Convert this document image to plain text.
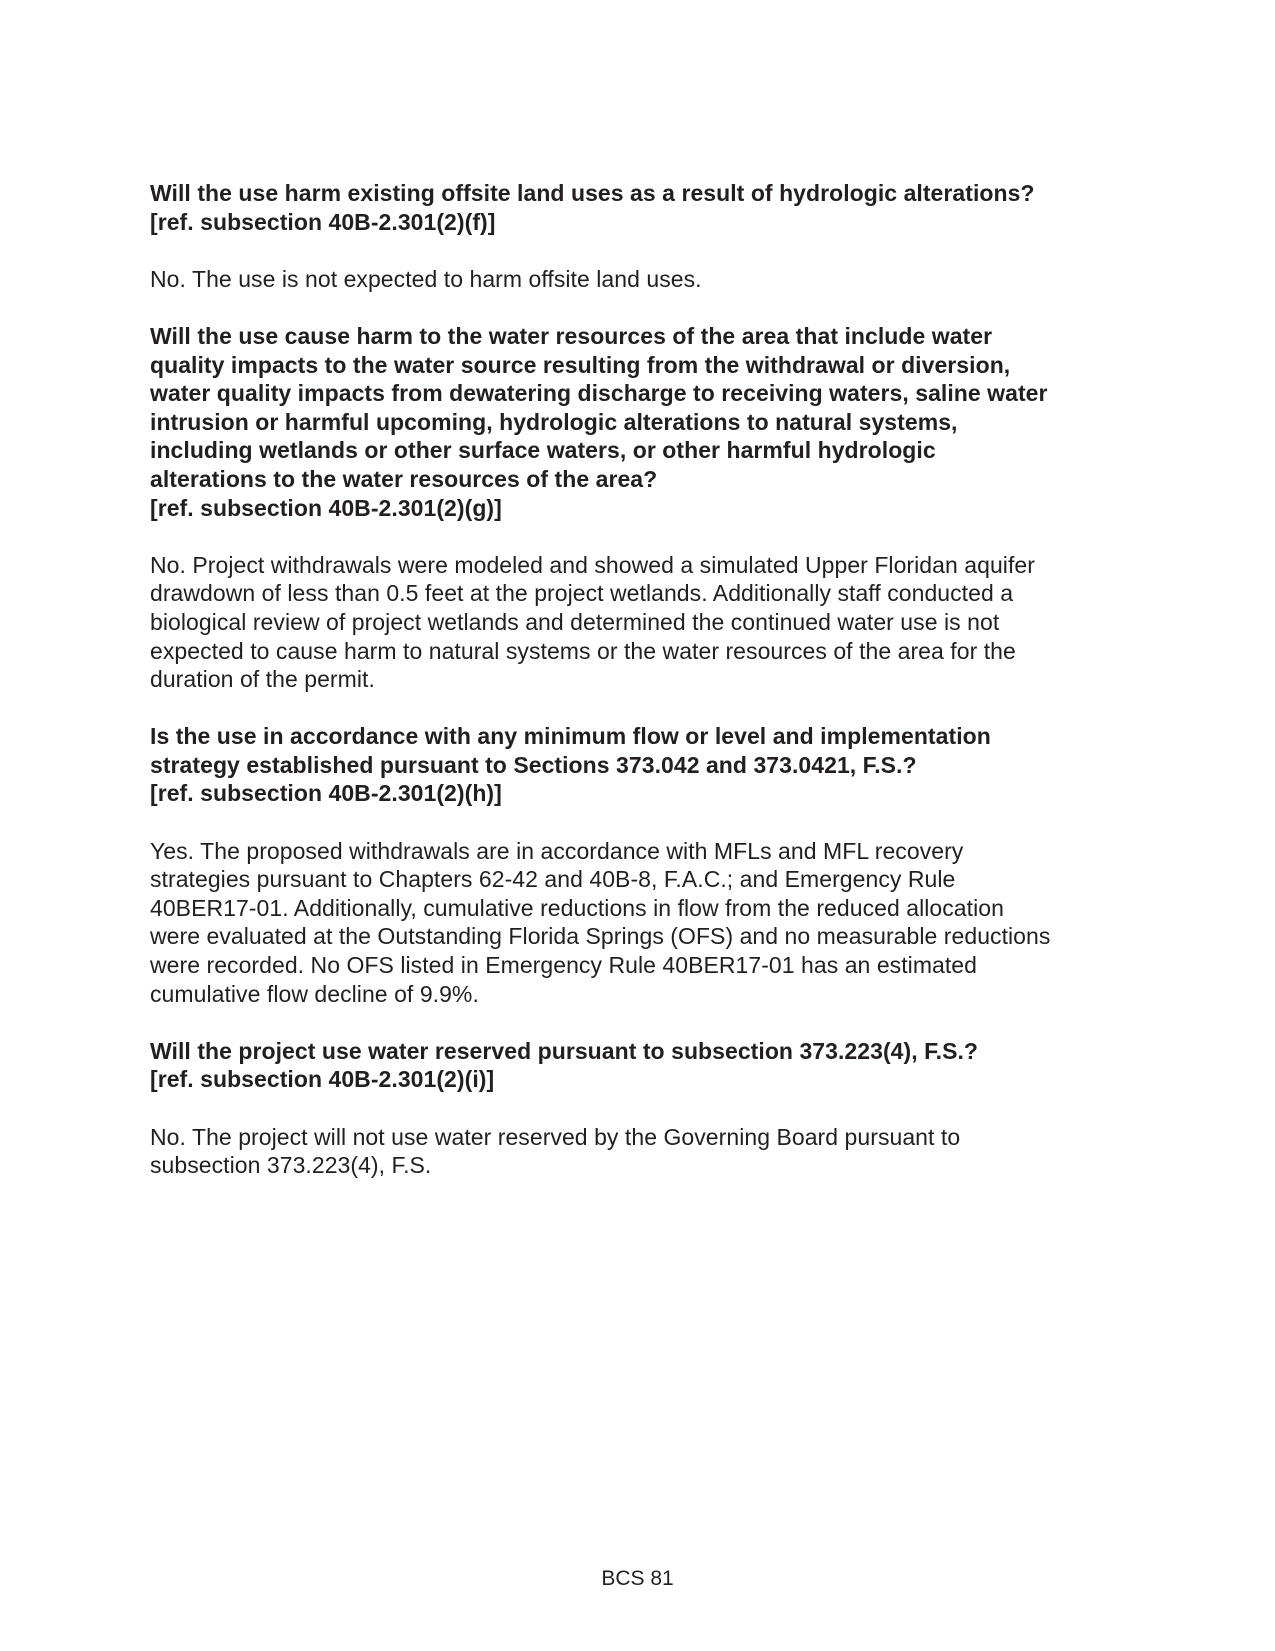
Will the use harm existing offsite land uses as a result of hydrologic alterations?
[ref. subsection 40B-2.301(2)(f)]

No. The use is not expected to harm offsite land uses.

Will the use cause harm to the water resources of the area that include water
quality impacts to the water source resulting from the withdrawal or diversion,
water quality impacts from dewatering discharge to receiving waters, saline water
intrusion or harmful upcoming, hydrologic alterations to natural systems,
including wetlands or other surface waters, or other harmful hydrologic
alterations to the water resources of the area?
[ref. subsection 40B-2.301(2)(g)]

No. Project withdrawals were modeled and showed a simulated Upper Floridan aquifer
drawdown of less than 0.5 feet at the project wetlands. Additionally staff conducted a
biological review of project wetlands and determined the continued water use is not
expected to cause harm to natural systems or the water resources of the area for the
duration of the permit.

Is the use in accordance with any minimum flow or level and implementation
strategy established pursuant to Sections 373.042 and 373.0421, F.S.?
[ref. subsection 40B-2.301(2)(h)]

Yes. The proposed withdrawals are in accordance with MFLs and MFL recovery
strategies pursuant to Chapters 62-42 and 40B-8, F.A.C.; and Emergency Rule
40BER17-01. Additionally, cumulative reductions in flow from the reduced allocation
were evaluated at the Outstanding Florida Springs (OFS) and no measurable reductions
were recorded. No OFS listed in Emergency Rule 40BER17-01 has an estimated
cumulative flow decline of 9.9%.

Will the project use water reserved pursuant to subsection 373.223(4), F.S.?
[ref. subsection 40B-2.301(2)(i)]

No. The project will not use water reserved by the Governing Board pursuant to
subsection 373.223(4), F.S.

BCS 81
